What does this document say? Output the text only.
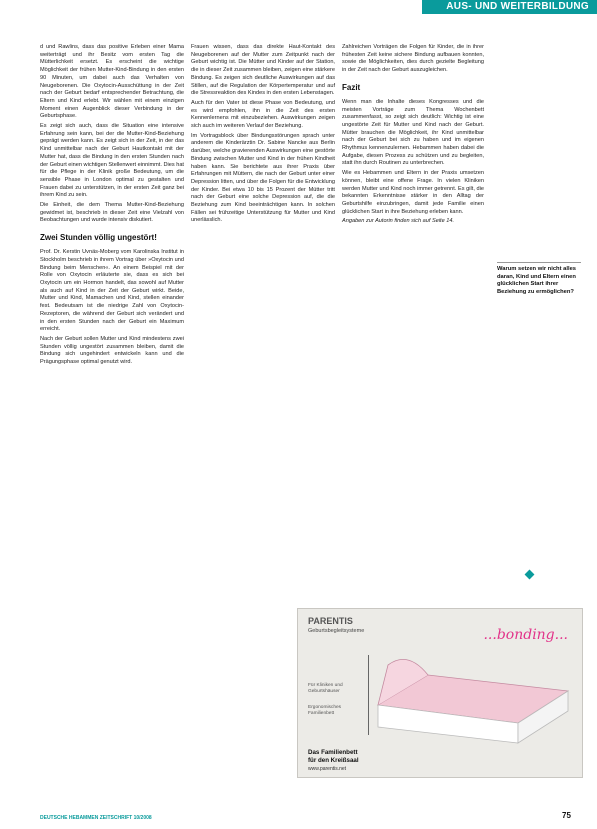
AUS- UND WEITERBILDUNG

d und Rawlins, dass das positive Erleben einer Mama weiterträgt und ihr Besitz vom ersten Tag die Mütterlichkeit ersetzt. Es erscheint die wichtige Möglichkeit der frühen Mutter-Kind-Bindung in den ersten 90 Minuten, um dabei auch das Verhalten von Neugeborenen. Die Oxytocin-Ausschüttung in der Zeit nach der Geburt bedarf entsprechender Betrachtung, die Eltern und Kind erlebt. Wir wählen mit einem einzigen Moment einen Augenblick dieser Verbindung in der Geburtsphase.

Es zeigt sich auch, dass die Situation eine intensive Erfahrung sein kann, bei der die Mutter-Kind-Beziehung geprägt werden kann. Es zeigt sich in der Zeit, in der das Kind unmittelbar nach der Geburt Hautkontakt mit der Mutter hat, dass die Bindung in den ersten Stunden nach der Geburt einen wichtigen Stellenwert einnimmt. Dies hat für die Pflege in der Klinik große Bedeutung, um die sensible Phase in London optimal zu gestalten und Frauen dabei zu unterstützen, in der ersten Zeit ganz bei ihrem Kind zu sein.

Die Einheit, die dem Thema Mutter-Kind-Beziehung gewidmet ist, beschrieb in dieser Zeit eine Vielzahl von Beobachtungen und wurde intensiv diskutiert.

Zwei Stunden völlig ungestört!

Prof. Dr. Kerstin Uvnäs-Moberg vom Karolinska Institut in Stockholm beschrieb in ihrem Vortrag über »Oxytocin und Bindung beim Menschen«. An einem Beispiel mit der Rolle von Oxytocin erläuterte sie, dass es sich bei Oxytocin um ein Hormon handelt, das sowohl auf Mutter als auch auf Kind in der Zeit der Geburt wirkt. Beide, Mutter und Kind, Mamachen und Kind, stellen einander fest. Bedeutsam ist die niedrige Zahl von Oxytocin-Rezeptoren, die während der Geburt sich verändert und in den ersten Stunden nach der Geburt ein Maximum erreicht.

Nach der Geburt sollen Mutter und Kind mindestens zwei Stunden völlig ungestört zusammen bleiben, damit die Bindung sich ungehindert entwickeln kann und die Prägungsphase optimal genutzt wird.

Frauen wissen, dass das direkte Haut-Kontakt des Neugeborenen auf der Mutter zum Zeitpunkt nach der Geburt wichtig ist. Die Mütter und Kinder auf der Station, die in dieser Zeit zusammen bleiben, zeigen eine stärkere Bindung. Es zeigen sich deutliche Auswirkungen auf das Stillen, auf die Regulation der Körpertemperatur und auf die Stressreaktion des Kindes in den ersten Lebenstagen.

Auch für den Vater ist diese Phase von Bedeutung, und es wird empfohlen, ihn in die Zeit des ersten Kennenlernens mit einzubeziehen. Auswirkungen zeigen sich auch im weiteren Verlauf der Beziehung.

Im Vortragsblock über Bindungsstörungen sprach unter anderem die Kinderärztin Dr. Sabine Nancke aus Berlin darüber, welche gravierenden Auswirkungen eine gestörte Bindung zwischen Mutter und Kind in der frühen Kindheit haben kann. Sie berichtete aus ihrer Praxis über Erfahrungen mit Müttern, die nach der Geburt unter einer Depression litten, und über die Folgen für die Entwicklung der Kinder. Bei etwa 10 bis 15 Prozent der Mütter tritt nach der Geburt eine solche Depression auf, die die Beziehung zum Kind beeinträchtigen kann. In solchen Fällen sei frühzeitige Unterstützung für Mutter und Kind unerlässlich.

Zahlreichen Vorträgen die Folgen für Kinder, die in ihrer frühesten Zeit keine sichere Bindung aufbauen konnten, sowie die Möglichkeiten, dies durch gezielte Begleitung in der Zeit nach der Geburt auszugleichen.

Fazit

Wenn man die Inhalte dieses Kongresses und die meisten Vorträge zum Thema Wochenbett zusammenfasst, so zeigt sich deutlich: Wichtig ist eine ungestörte Zeit für Mutter und Kind nach der Geburt. Mütter brauchen die Möglichkeit, ihr Kind unmittelbar nach der Geburt bei sich zu haben und im eigenen Rhythmus kennenzulernen. Hebammen haben dabei die Aufgabe, diesen Prozess zu schützen und zu begleiten, statt ihn durch Routinen zu unterbrechen.

Wie es Hebammen und Eltern in der Praxis umsetzen können, bleibt eine offene Frage. In vielen Kliniken werden Mutter und Kind noch immer getrennt. Es gilt, die bekannten Erkenntnisse stärker in den Alltag der Geburtshilfe einzubringen, damit jede Familie einen glücklichen Start in ihre Beziehung erleben kann.

Angaben zur Autorin finden sich auf Seite 14.

Warum setzen wir nicht alles daran, Kind und Eltern einen glücklichen Start ihrer Beziehung zu ermöglichen?
PARENTIS
Geburtsbegleitsysteme	...bonding...
Für Kliniken und Geburtshäuser
Ergonomisches Familienbett
Das Familienbett
für den Kreißsaal
www.parentis.net
DEUTSCHE HEBAMMEN ZEITSCHRIFT 10/2008	75
